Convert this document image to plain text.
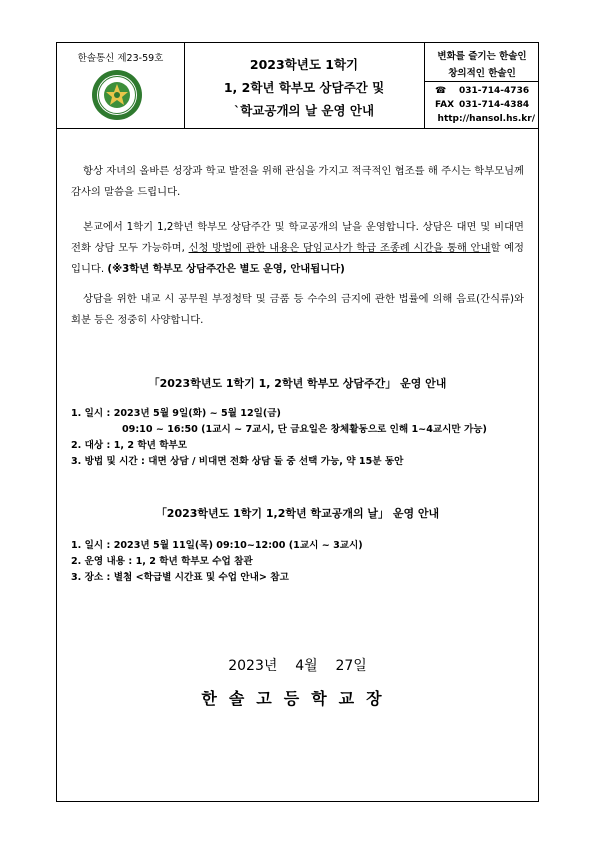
한솔통신 제23-59호	2023학년도 1학기
1, 2학년 학부모 상담주간 및
`학교공개의 날 운영 안내
변화를 즐기는 한솔인
창의적인 한솔인
☎ 031-714-4736
FAX 031-714-4384
http://hansol.hs.kr/
항상 자녀의 올바른 성장과 학교 발전을 위해 관심을 가지고 적극적인 협조를 해 주시는 학부모님께 감사의 말씀을 드립니다.
본교에서 1학기 1,2학년 학부모 상담주간 및 학교공개의 날을 운영합니다. 상담은 대면 및 비대면 전화 상담 모두 가능하며, 신청 방법에 관한 내용은 담임교사가 학급 조종례 시간을 통해 안내할 예정입니다. (※3학년 학부모 상담주간은 별도 운영, 안내됩니다)
상담을 위한 내교 시 공무원 부정청탁 및 금품 등 수수의 금지에 관한 법률에 의해 음료(간식류)와 회분 등은 정중히 사양합니다.
「2023학년도 1학기 1, 2학년 학부모 상담주간」 운영 안내
1. 일시 : 2023년 5월 9일(화) ~ 5월 12일(금)
09:10 ~ 16:50 (1교시 ~ 7교시, 단 금요일은 창체활동으로 인해 1~4교시만 가능)
2. 대상 : 1, 2 학년 학부모
3. 방법 및 시간 : 대면 상담 / 비대면 전화 상담 둘 중 선택 가능, 약 15분 동안
「2023학년도 1학기 1,2학년 학교공개의 날」 운영 안내
1. 일시 : 2023년 5월 11일(목) 09:10~12:00 (1교시 ~ 3교시)
2. 운영 내용 : 1, 2 학년 학부모 수업 참관
3. 장소 : 별첨 <학급별 시간표 및 수업 안내> 참고
2023년 4월 27일
한솔고등학교장
